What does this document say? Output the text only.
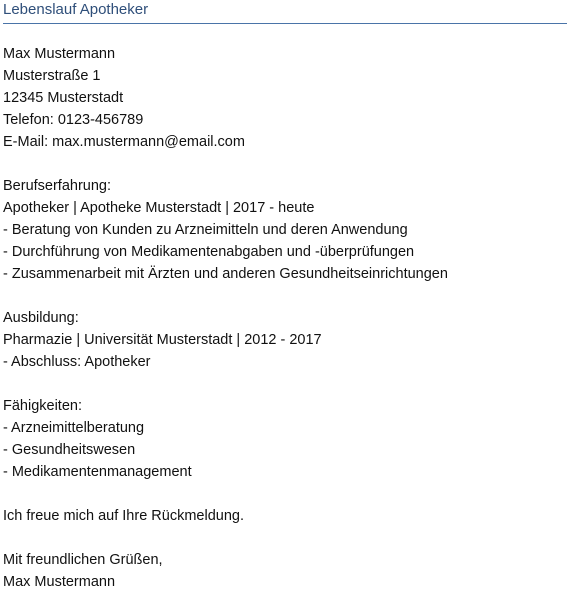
Lebenslauf Apotheker
Max Mustermann
Musterstraße 1
12345 Musterstadt
Telefon: 0123-456789
E-Mail: max.mustermann@email.com
Berufserfahrung:
Apotheker | Apotheke Musterstadt | 2017 - heute
- Beratung von Kunden zu Arzneimitteln und deren Anwendung
- Durchführung von Medikamentenabgaben und -überprüfungen
- Zusammenarbeit mit Ärzten und anderen Gesundheitseinrichtungen
Ausbildung:
Pharmazie | Universität Musterstadt | 2012 - 2017
- Abschluss: Apotheker
Fähigkeiten:
- Arzneimittelberatung
- Gesundheitswesen
- Medikamentenmanagement
Ich freue mich auf Ihre Rückmeldung.
Mit freundlichen Grüßen,
Max Mustermann
